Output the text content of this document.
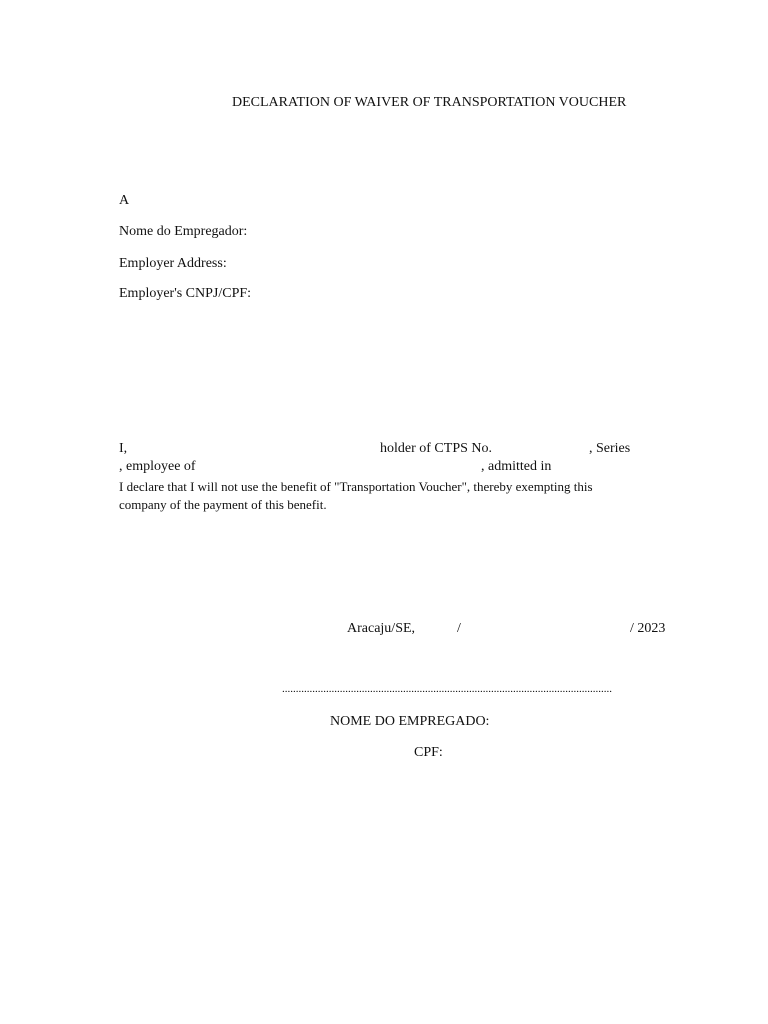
DECLARATION OF WAIVER OF TRANSPORTATION VOUCHER
A
Nome do Empregador:
Employer Address:
Employer's CNPJ/CPF:
I,	holder of CTPS No.	, Series
, employee of	, admitted in
I declare that I will not use the benefit of "Transportation Voucher", thereby exempting this
company of the payment of this benefit.
Aracaju/SE,	/	/ 2023
........................................................................................................................
NOME DO EMPREGADO:
CPF:
